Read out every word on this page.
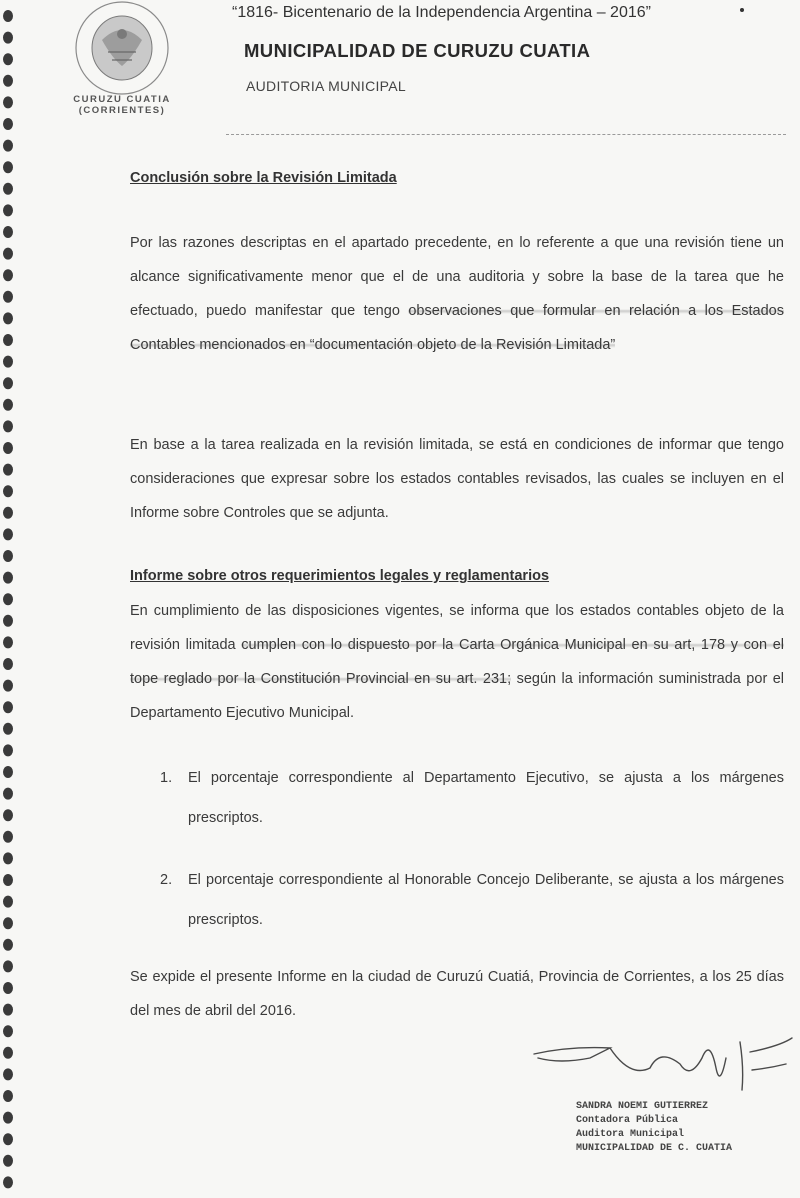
CURUZU CUATIA
(CORRIENTES)
“1816- Bicentenario de la Independencia Argentina – 2016”
MUNICIPALIDAD DE CURUZU CUATIA
AUDITORIA MUNICIPAL
Conclusión sobre la Revisión Limitada

Por las razones descriptas en el apartado precedente, en lo referente a que una revisión tiene un alcance significativamente menor que el de una auditoria y sobre la base de la tarea que he efectuado, puedo manifestar que tengo observaciones que formular en relación a los Estados Contables mencionados en “documentación objeto de la Revisión Limitada”

En base a la tarea realizada en la revisión limitada, se está en condiciones de informar que tengo consideraciones que expresar sobre los estados contables revisados, las cuales se incluyen en el Informe sobre Controles que se adjunta.

Informe sobre otros requerimientos legales y reglamentarios

En cumplimiento de las disposiciones vigentes, se informa que los estados contables objeto de la revisión limitada cumplen con lo dispuesto por la Carta Orgánica Municipal en su art, 178 y con el tope reglado por la Constitución Provincial en su art. 231; según la información suministrada por el Departamento Ejecutivo Municipal.

1.	El porcentaje correspondiente al Departamento Ejecutivo, se ajusta a los márgenes prescriptos.
2.	El porcentaje correspondiente al Honorable Concejo Deliberante, se ajusta a los márgenes prescriptos.

Se expide el presente Informe en la ciudad de Curuzú Cuatiá, Provincia de Corrientes, a los 25 días del mes de abril del 2016.

SANDRA NOEMI GUTIERREZ
Contadora Pública
Auditora Municipal
MUNICIPALIDAD DE C. CUATIA
